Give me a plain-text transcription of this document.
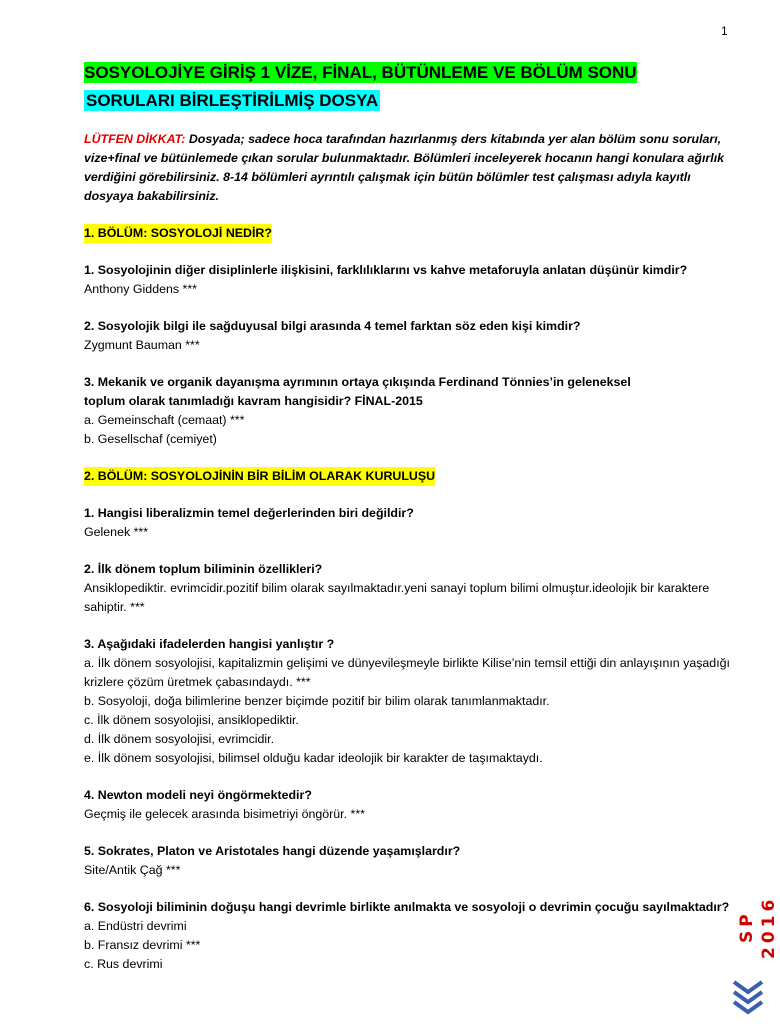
1
SOSYOLOJİYE GİRİŞ 1 VİZE, FİNAL, BÜTÜNLEME VE BÖLÜM SONU
SORULARI BİRLEŞTİRİLMİŞ DOSYA
LÜTFEN DİKKAT: Dosyada; sadece hoca tarafından hazırlanmış ders kitabında yer alan bölüm sonu soruları, vize+final ve bütünlemede çıkan sorular bulunmaktadır. Bölümleri inceleyerek hocanın hangi konulara ağırlık verdiğini görebilirsiniz. 8-14 bölümleri ayrıntılı çalışmak için bütün bölümler test çalışması adıyla kayıtlı dosyaya bakabilirsiniz.
1. BÖLÜM: SOSYOLOJİ NEDİR?
1. Sosyolojinin diğer disiplinlerle ilişkisini, farklılıklarını vs kahve metaforuyla anlatan düşünür kimdir?
Anthony Giddens ***
2. Sosyolojik bilgi ile sağduyusal bilgi arasında 4 temel farktan söz eden kişi kimdir?
Zygmunt Bauman ***
3. Mekanik ve organik dayanışma ayrımının ortaya çıkışında Ferdinand Tönnies’in geleneksel toplum olarak tanımladığı kavram hangisidir? FİNAL-2015
a. Gemeinschaft (cemaat) ***
b. Gesellschaf (cemiyet)
2. BÖLÜM: SOSYOLOJİNİN BİR BİLİM OLARAK KURULUŞU
1. Hangisi liberalizmin temel değerlerinden biri değildir?
Gelenek ***
2. İlk dönem toplum biliminin özellikleri?
Ansiklopediktir. evrimcidir.pozitif bilim olarak sayılmaktadır.yeni sanayi toplum bilimi olmuştur.ideolojik bir karaktere sahiptir. ***
3. Aşağıdaki ifadelerden hangisi yanlıştır ?
a. İlk dönem sosyolojisi, kapitalizmin gelişimi ve dünyevileşmeyle birlikte Kilise’nin temsil ettiği din anlayışının yaşadığı krizlere çözüm üretmek çabasındaydı. ***
b. Sosyoloji, doğa bilimlerine benzer biçimde pozitif bir bilim olarak tanımlanmaktadır.
c. İlk dönem sosyolojisi, ansiklopediktir.
d. İlk dönem sosyolojisi, evrimcidir.
e. İlk dönem sosyolojisi, bilimsel olduğu kadar ideolojik bir karakter de taşımaktaydı.
4. Newton modeli neyi öngörmektedir?
Geçmiş ile gelecek arasında bisimetriyi öngörür. ***
5. Sokrates, Platon ve Aristotales hangi düzende yaşamışlardır?
Site/Antik Çağ ***
6. Sosyoloji biliminin doğuşu hangi devrimle birlikte anılmakta ve sosyoloji o devrimin çocuğu sayılmaktadır?
a. Endüstri devrimi
b. Fransız devrimi ***
c. Rus devrimi
SP 2016
